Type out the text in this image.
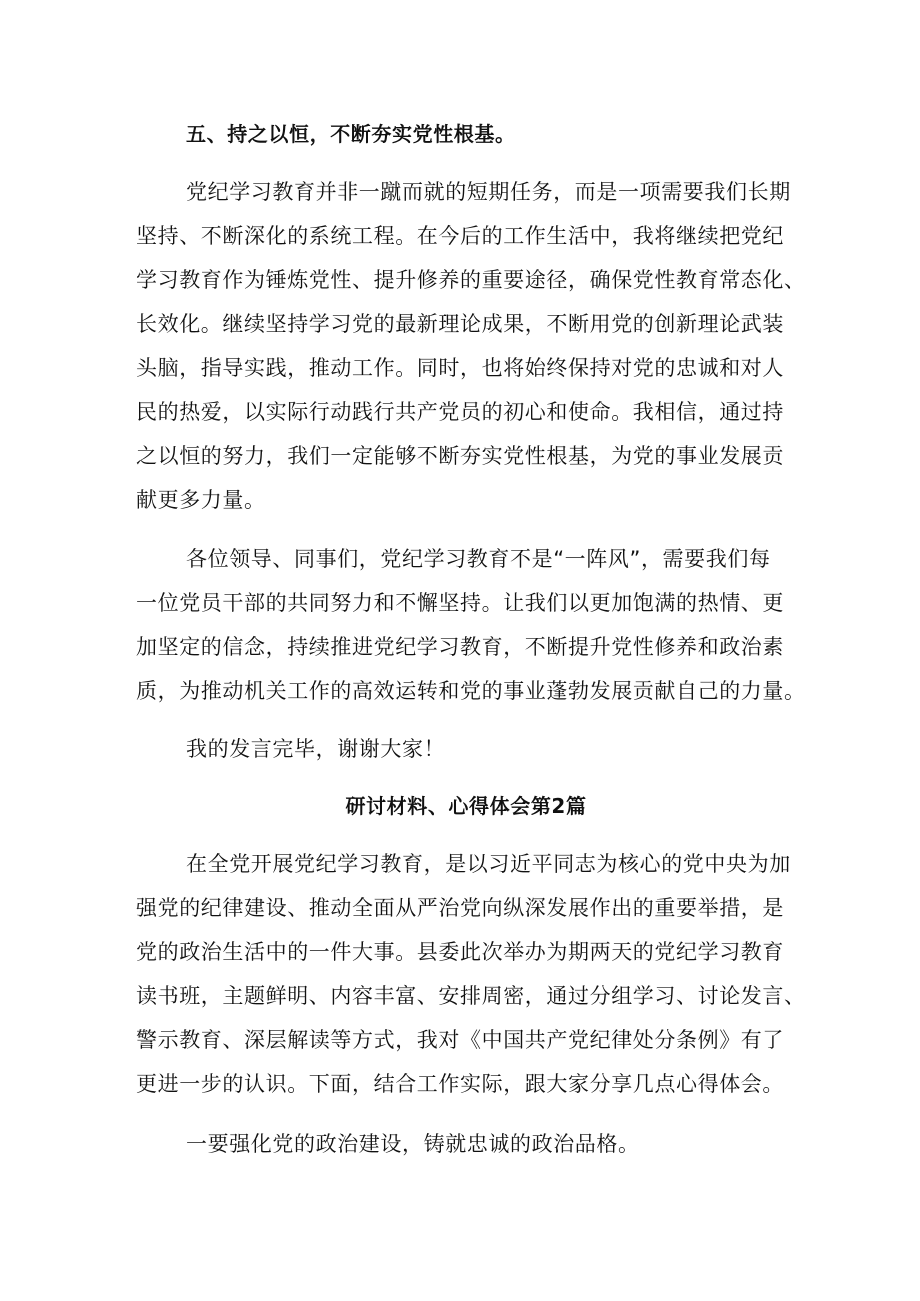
五、持之以恒，不断夯实党性根基。
党纪学习教育并非一蹴而就的短期任务，而是一项需要我们长期
坚持、不断深化的系统工程。在今后的工作生活中，我将继续把党纪
学习教育作为锤炼党性、提升修养的重要途径，确保党性教育常态化、
长效化。继续坚持学习党的最新理论成果，不断用党的创新理论武装
头脑，指导实践，推动工作。同时，也将始终保持对党的忠诚和对人
民的热爱，以实际行动践行共产党员的初心和使命。我相信，通过持
之以恒的努力，我们一定能够不断夯实党性根基，为党的事业发展贡
献更多力量。
各位领导、同事们，党纪学习教育不是“一阵风”，需要我们每
一位党员干部的共同努力和不懈坚持。让我们以更加饱满的热情、更
加坚定的信念，持续推进党纪学习教育，不断提升党性修养和政治素
质，为推动机关工作的高效运转和党的事业蓬勃发展贡献自己的力量。
我的发言完毕，谢谢大家！
研讨材料、心得体会第2篇
在全党开展党纪学习教育，是以习近平同志为核心的党中央为加
强党的纪律建设、推动全面从严治党向纵深发展作出的重要举措，是
党的政治生活中的一件大事。县委此次举办为期两天的党纪学习教育
读书班，主题鲜明、内容丰富、安排周密，通过分组学习、讨论发言、
警示教育、深层解读等方式，我对《中国共产党纪律处分条例》有了
更进一步的认识。下面，结合工作实际，跟大家分享几点心得体会。
一要强化党的政治建设，铸就忠诚的政治品格。
